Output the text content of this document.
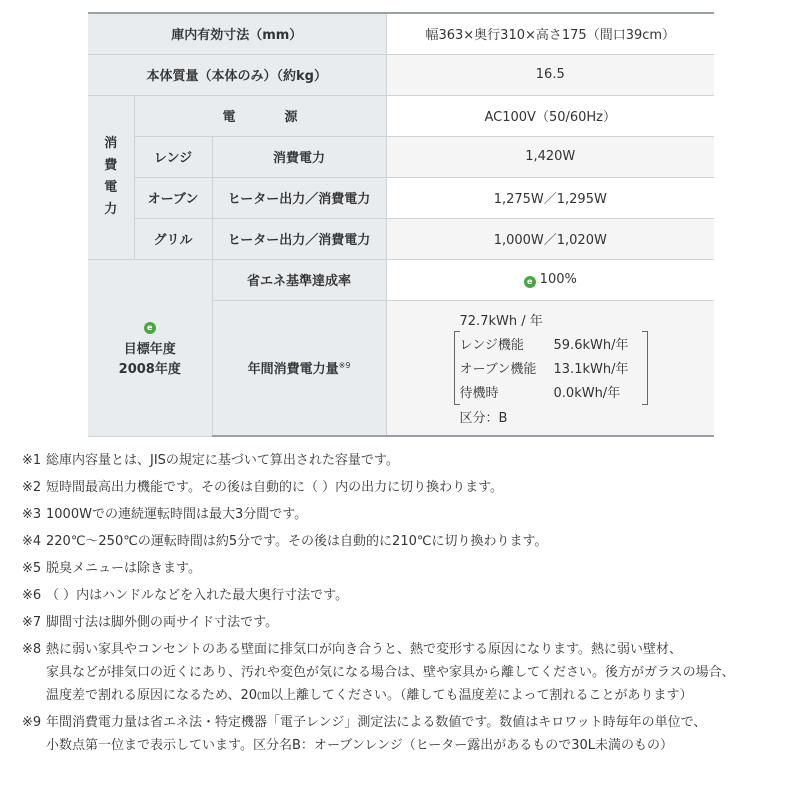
庫内有効寸法（mm）			幅363×奥行310×高さ175（間口39cm）
本体質量（本体のみ）（約kg）			16.5

消
費
電
力	電　源		AC100V（50/60Hz）
	レンジ	消費電力	1,420W
	オーブン	ヒーター出力／消費電力	1,275W／1,295W
	グリル	ヒーター出力／消費電力	1,000W／1,020W

e
目標年度
2008年度		省エネ基準達成率	e 100%
		年間消費電力量$^{※9}$	72.7kWh / 年
レンジ機能 59.6kWh/年
オーブン機能 13.1kWh/年
待機時 0.0kWh/年
区分：B
※1 総庫内容量とは、JISの規定に基づいて算出された容量です。
※2 短時間最高出力機能です。その後は自動的に（ ）内の出力に切り換わります。
※3 1000Wでの連続運転時間は最大3分間です。
※4 220℃～250℃の運転時間は約5分です。その後は自動的に210℃に切り換わります。
※5 脱臭メニューは除きます。
※6 （ ）内はハンドルなどを入れた最大奥行寸法です。
※7 脚間寸法は脚外側の両サイド寸法です。
※8 熱に弱い家具やコンセントのある壁面に排気口が向き合うと、熱で変形する原因になります。熱に弱い壁材、
家具などが排気口の近くにあり、汚れや変色が気になる場合は、壁や家具から離してください。後方がガラスの場合、
温度差で割れる原因になるため、20㎝以上離してください。（離しても温度差によって割れることがあります）
※9 年間消費電力量は省エネ法・特定機器「電子レンジ」測定法による数値です。数値はキロワット時毎年の単位で、
小数点第一位まで表示しています。区分名B：オーブンレンジ（ヒーター露出があるもので30L未満のもの）
